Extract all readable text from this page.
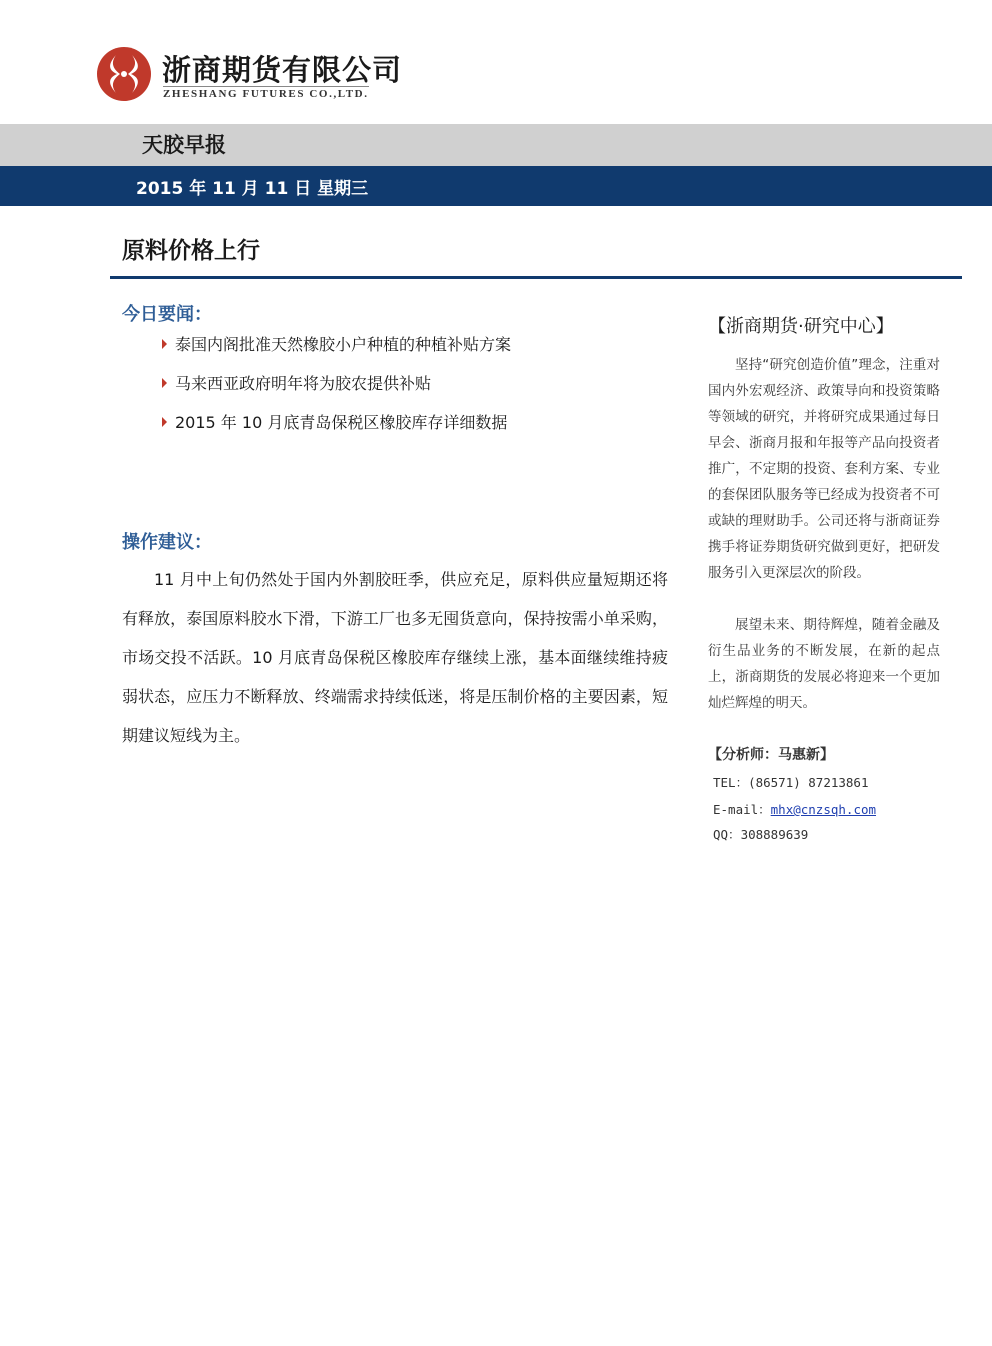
浙商期货有限公司
ZHESHANG FUTURES CO.,LTD.
天胶早报
2015 年 11 月 11 日 星期三
原料价格上行
今日要闻：
泰国内阁批准天然橡胶小户种植的种植补贴方案
马来西亚政府明年将为胶农提供补贴
2015 年 10 月底青岛保税区橡胶库存详细数据
操作建议：

11 月中上旬仍然处于国内外割胶旺季，供应充足，原料供应量短期还将有释放，泰国原料胶水下滑，下游工厂也多无囤货意向，保持按需小单采购，市场交投不活跃。10 月底青岛保税区橡胶库存继续上涨，基本面继续维持疲弱状态，应压力不断释放、终端需求持续低迷，将是压制价格的主要因素，短期建议短线为主。

【浙商期货·研究中心】

坚持“研究创造价值”理念，注重对国内外宏观经济、政策导向和投资策略等领域的研究，并将研究成果通过每日早会、浙商月报和年报等产品向投资者推广，不定期的投资、套利方案、专业的套保团队服务等已经成为投资者不可或缺的理财助手。公司还将与浙商证券携手将证券期货研究做到更好，把研发服务引入更深层次的阶段。

展望未来、期待辉煌，随着金融及衍生品业务的不断发展，在新的起点上，浙商期货的发展必将迎来一个更加灿烂辉煌的明天。

【分析师：马惠新】
TEL：(86571) 87213861
E-mail：mhx@cnzsqh.com
QQ：308889639
